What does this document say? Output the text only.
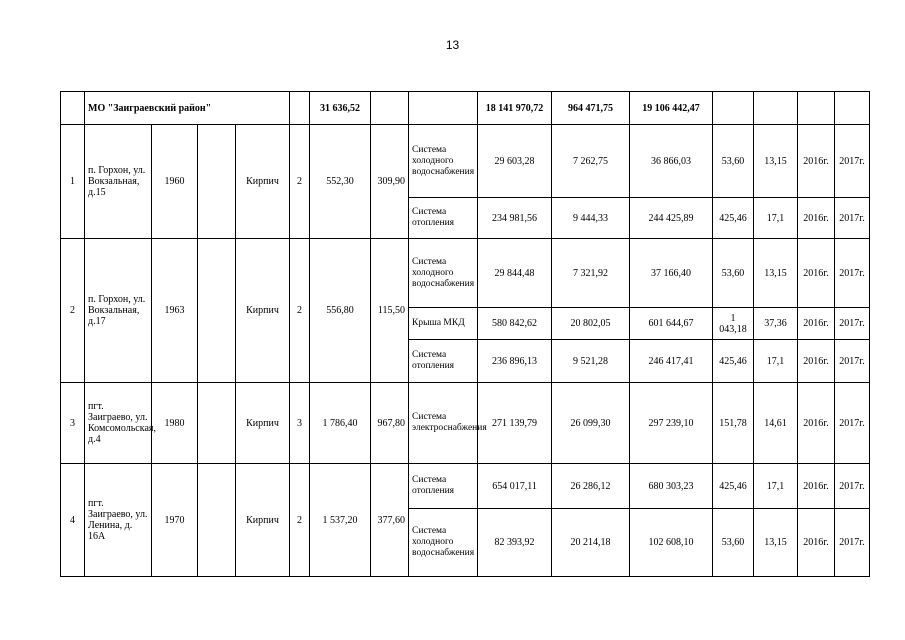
13
	МО "Заиграевский район"					31 636,52			18 141 970,72	964 471,75	19 106 442,47				
1	п. Горхон, ул. Вокзальная, д.15	1960		Кирпич	2	552,30	309,90	Система холодного водоснабжения	29 603,28	7 262,75	36 866,03	53,60	13,15	2016г.	2017г.
								Система отопления	234 981,56	9 444,33	244 425,89	425,46	17,1	2016г.	2017г.
2	п. Горхон, ул. Вокзальная, д.17	1963		Кирпич	2	556,80	115,50	Система холодного водоснабжения	29 844,48	7 321,92	37 166,40	53,60	13,15	2016г.	2017г.
								Крыша МКД	580 842,62	20 802,05	601 644,67	1 043,18	37,36	2016г.	2017г.
								Система отопления	236 896,13	9 521,28	246 417,41	425,46	17,1	2016г.	2017г.
3	пгт. Заиграево, ул. Комсомольская, д.4	1980		Кирпич	3	1 786,40	967,80	Система электроснабжения	271 139,79	26 099,30	297 239,10	151,78	14,61	2016г.	2017г.
4	пгт. Заиграево, ул. Ленина, д. 16А	1970		Кирпич	2	1 537,20	377,60	Система отопления	654 017,11	26 286,12	680 303,23	425,46	17,1	2016г.	2017г.
								Система холодного водоснабжения	82 393,92	20 214,18	102 608,10	53,60	13,15	2016г.	2017г.
